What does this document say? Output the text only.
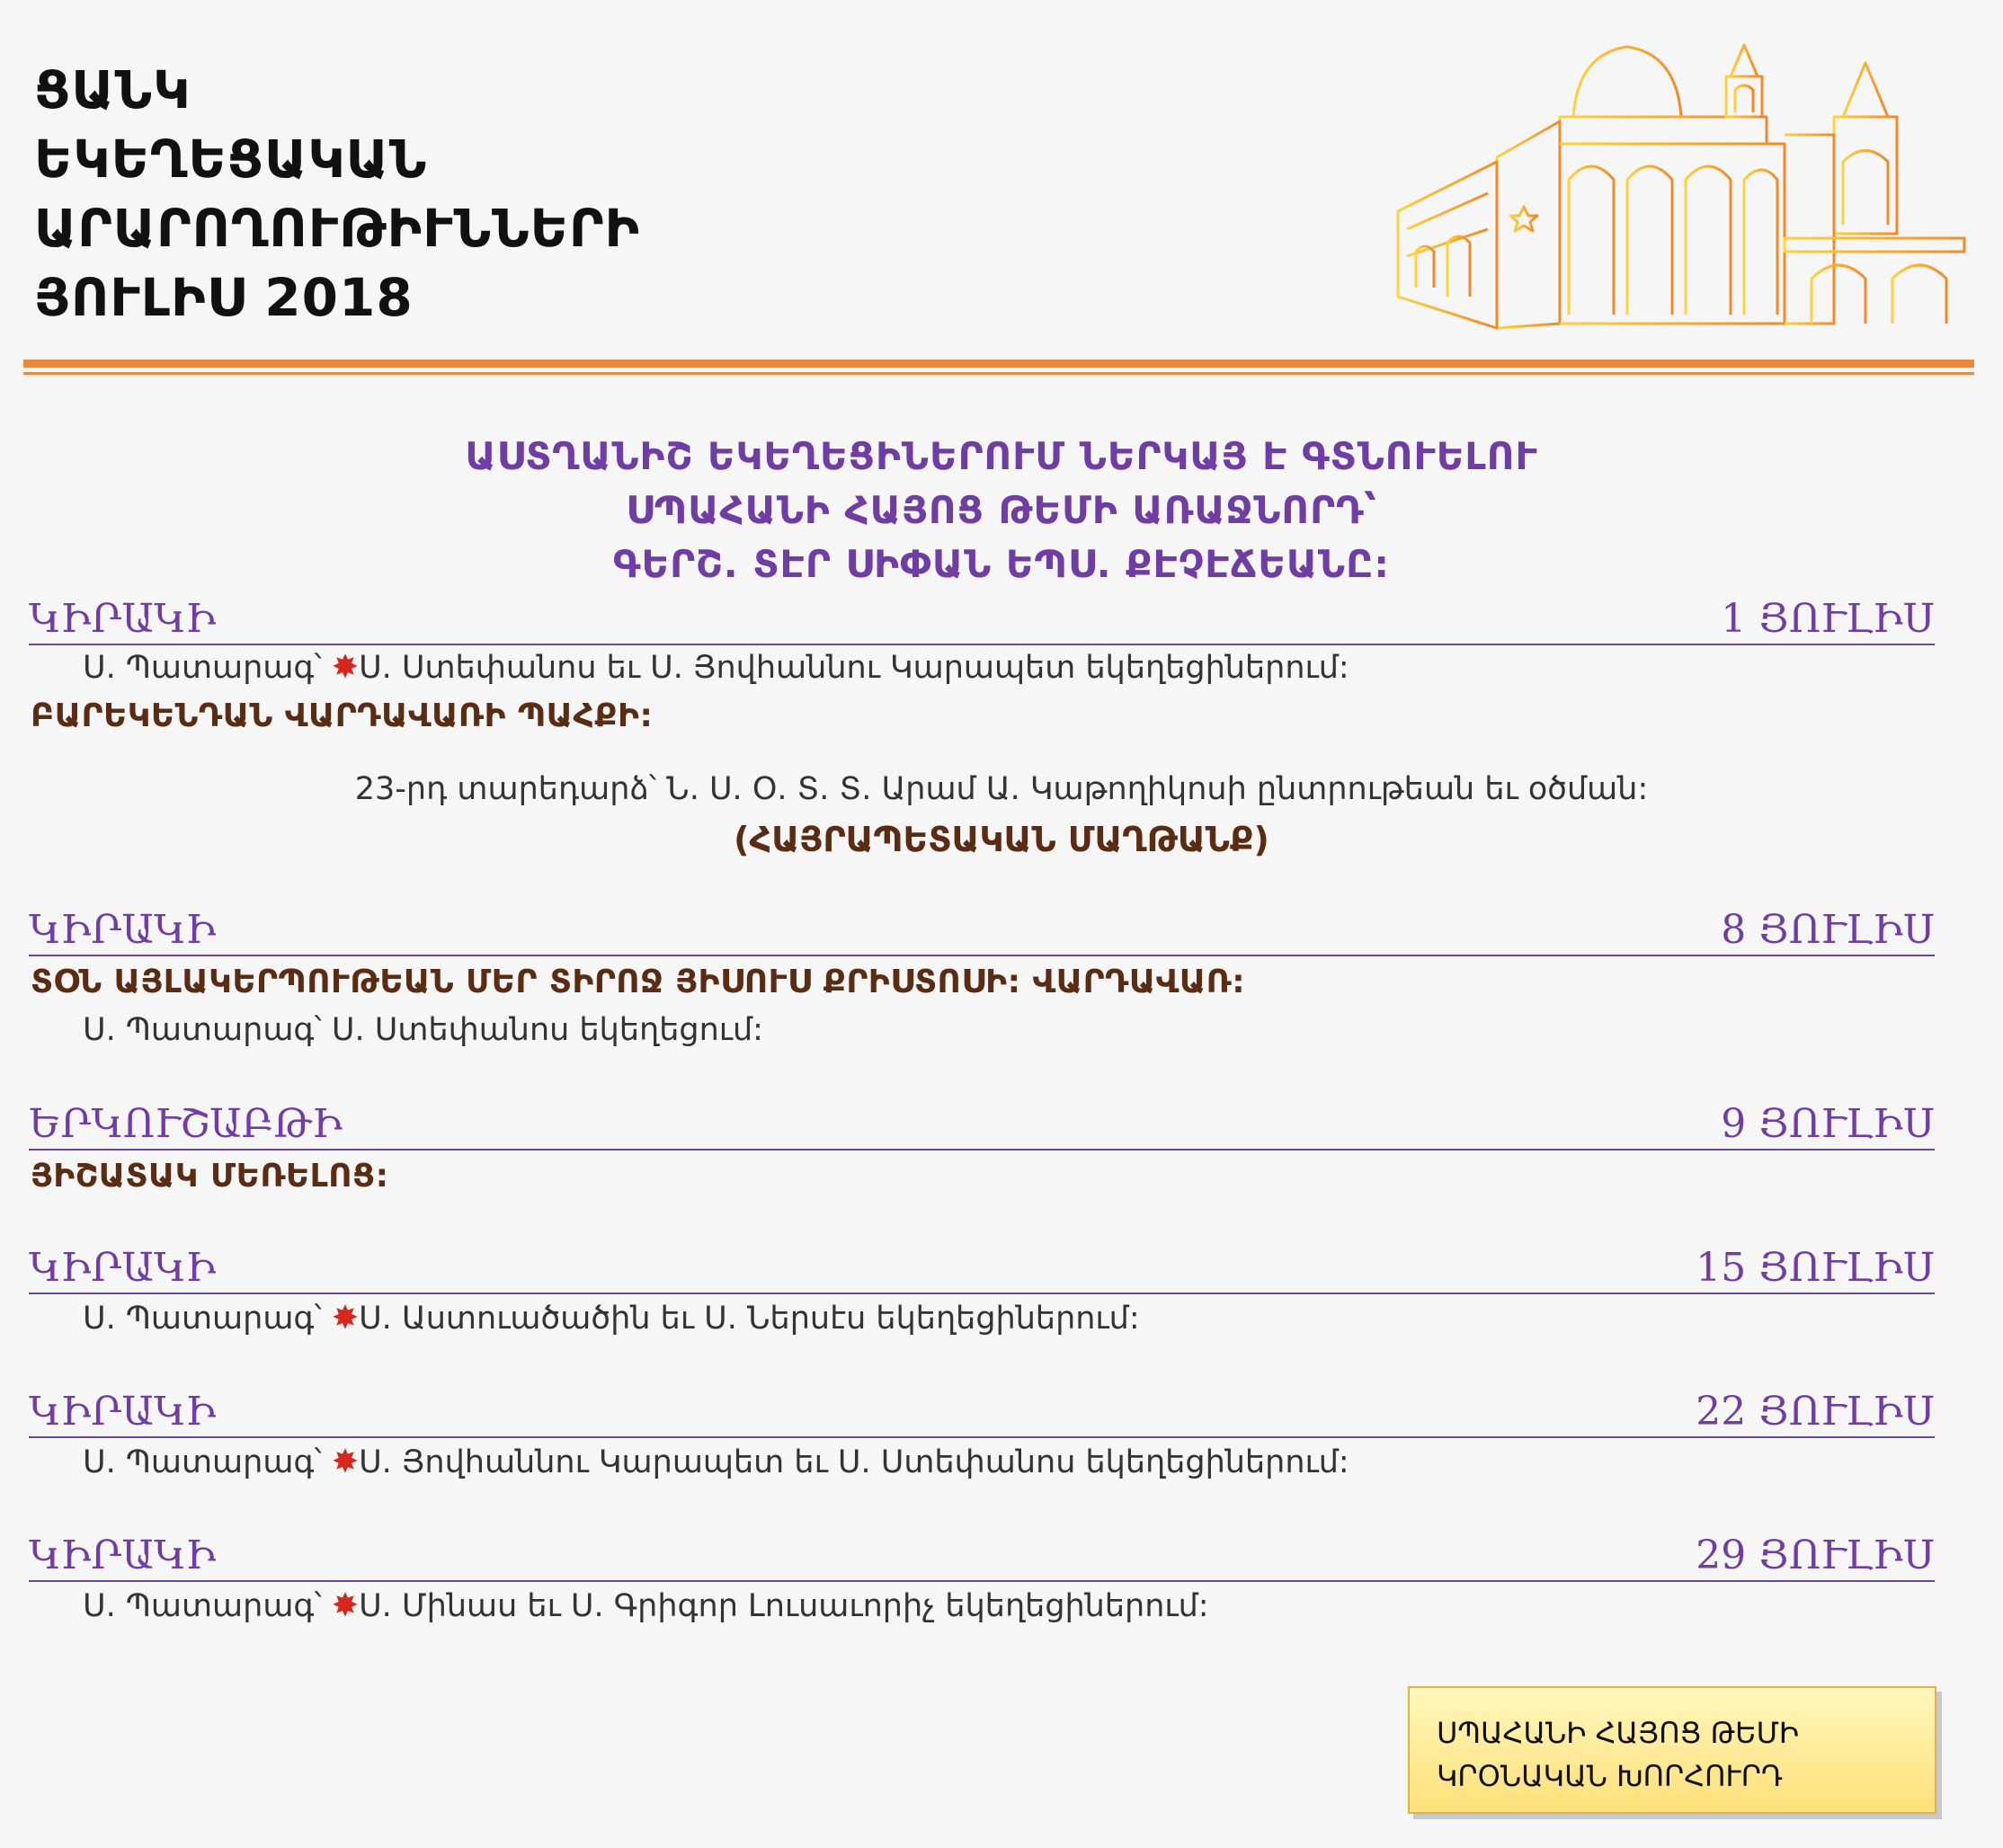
ՑԱՆԿ
ԵԿԵՂԵՑԱԿԱՆ
ԱՐԱՐՈՂՈՒԹԻՒՆՆԵՐԻ
ՅՈՒԼԻՍ 2018
ԱՍՏՂԱՆԻՇ ԵԿԵՂԵՑԻՆԵՐՈՒՄ ՆԵՐԿԱՅ Է ԳՏՆՈՒԵԼՈՒ
ՍՊԱՀԱՆԻ ՀԱՅՈՑ ԹԵՄԻ ԱՌԱՋՆՈՐԴ՝
ԳԵՐՇ. ՏԷՐ ՍԻՓԱՆ ԵՊՍ. ՔԷՉԷՃԵԱՆԸ:
ԿԻՐԱԿԻ	1 ՅՈՒԼԻՍ
Ս. Պատարագ՝ ✸Ս. Ստեփանոս եւ Ս. Յովհաննու Կարապետ եկեղեցիներում:
ԲԱՐԵԿԵՆԴԱՆ ՎԱՐԴԱՎԱՌԻ ՊԱՀՔԻ:
23-րդ տարեդարձ՝ Ն. Ս. Օ. Տ. Տ. Արամ Ա. Կաթողիկոսի ընտրութեան եւ օծման:
(ՀԱՅՐԱՊԵՏԱԿԱՆ ՄԱՂԹԱՆՔ)
ԿԻՐԱԿԻ	8 ՅՈՒԼԻՍ
ՏՕՆ ԱՅԼԱԿԵՐՊՈՒԹԵԱՆ ՄԵՐ ՏԻՐՈՋ ՅԻՍՈՒՍ ՔՐԻՍՏՈՍԻ: ՎԱՐԴԱՎԱՌ:
Ս. Պատարագ՝ Ս. Ստեփանոս եկեղեցում:
ԵՐԿՈՒՇԱԲԹԻ	9 ՅՈՒԼԻՍ
ՅԻՇԱՏԱԿ ՄԵՌԵԼՈՑ:
ԿԻՐԱԿԻ	15 ՅՈՒԼԻՍ
Ս. Պատարագ՝ ✸Ս. Աստուածածին եւ Ս. Ներսէս եկեղեցիներում:
ԿԻՐԱԿԻ	22 ՅՈՒԼԻՍ
Ս. Պատարագ՝ ✸Ս. Յովհաննու Կարապետ եւ Ս. Ստեփանոս եկեղեցիներում:
ԿԻՐԱԿԻ	29 ՅՈՒԼԻՍ
Ս. Պատարագ՝ ✸Ս. Մինաս եւ Ս. Գրիգոր Լուսաւորիչ եկեղեցիներում:
ՍՊԱՀԱՆԻ ՀԱՅՈՑ ԹԵՄԻ
ԿՐՕՆԱԿԱՆ ԽՈՐՀՈՒՐԴ
